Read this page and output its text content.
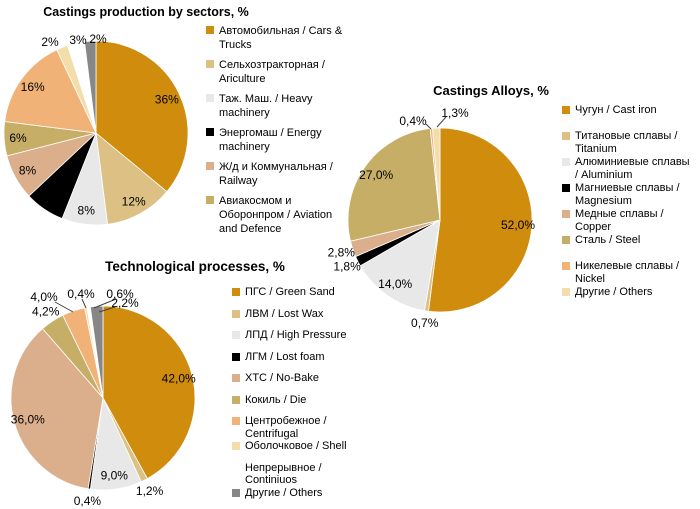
Castings production by sectors, %
36%
12%
8%
8%
6%
16%
2% 3% 2%
Автомобильная / Cars & Trucks
Сельхозтракторная / Ariculture
Таж. Маш. / Heavy machinery
Энергомаш / Energy machinery
Ж/д и Коммунальная / Railway
Авиакосмом и Оборонпром / Aviation and Defence
Castings Alloys, %
52,0%
0,7%
14,0%
1,8%
2,8%
27,0%
0,4%
1,3%	Чугун / Cast iron
Титановые сплавы / Titanium
Алюминиевые сплавы / Aluminium
Магниевые сплавы / Magnesium
Медные сплавы / Copper
Сталь / Steel
Никелевые сплавы / Nickel
Другие / Others
Technological processes, %
42,0%
1,2%
9,0%
0,4%
36,0%
4,2%
4,0% 0,4% 0,6%
2,2%
ПГС / Green Sand
ЛВМ / Lost Wax
ЛПД / High Pressure
ЛГМ / Lost foam
ХТС / No-Bake
Кокиль / Die
Центробежное / Centrifugal
Оболочковое / Shell
Непрерывное / Continiuos
Другие / Others
